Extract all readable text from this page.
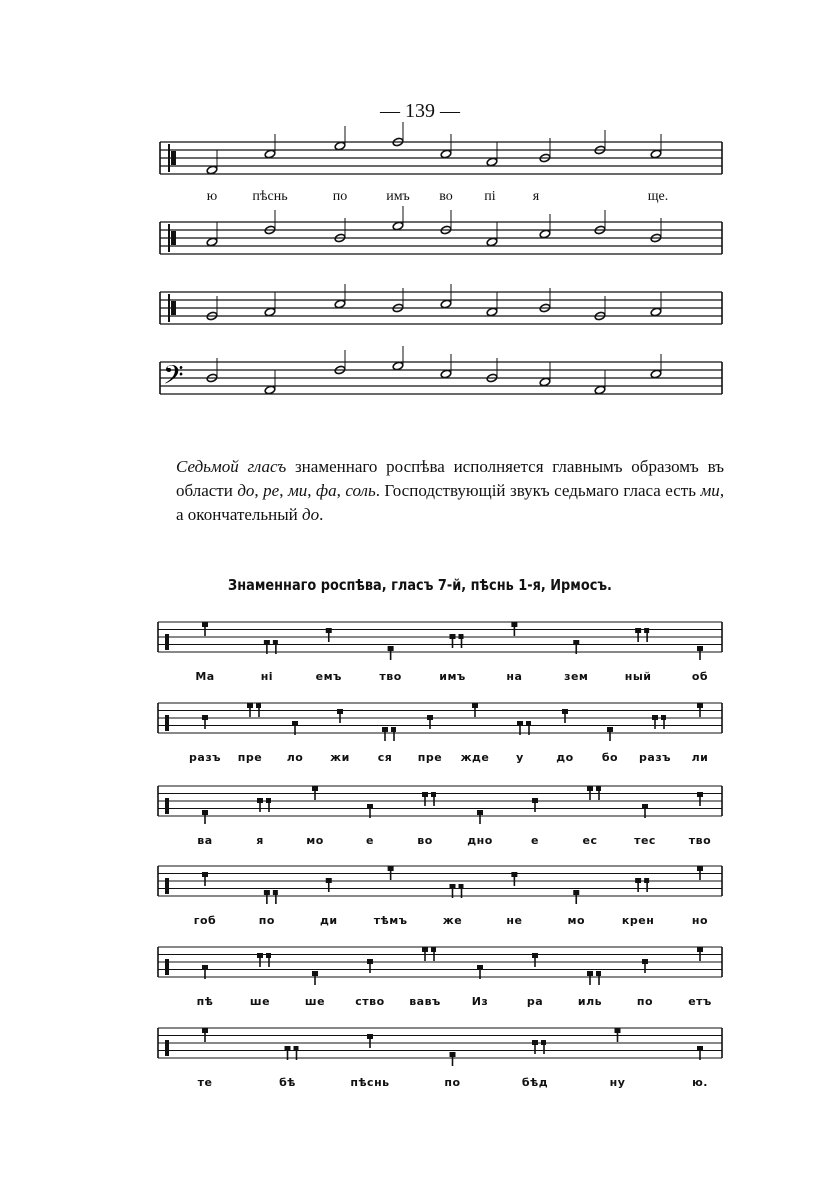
— 139 —
𝄢
ю	пѣснь	по	имъ во пі	я	ще.
Седьмой гласъ знаменнаго роспѣва исполняется главнымъ образомъ въ области до, ре, ми, фа, соль. Господствующій звукъ седьмаго гласа есть ми, а окончательный до.
Знаменнаго роспѣва, гласъ 7-й, пѣснь 1-я, Ирмосъ.
Ма	ні	емъ	тво	имъ	на	зем	ный	об
разъ пре ло жи	ся пре жде у	до	бо разъ ли
ва	я	мо	е	во	дно	е	ес	тес	тво
гоб	по	ди	тѣмъ	же	не	мо	крен	но
пѣ	ше	ше	ство вавъ	Из	ра	иль	по	етъ
те	бѣ	пѣснь	по	бѣд	ну	ю.
